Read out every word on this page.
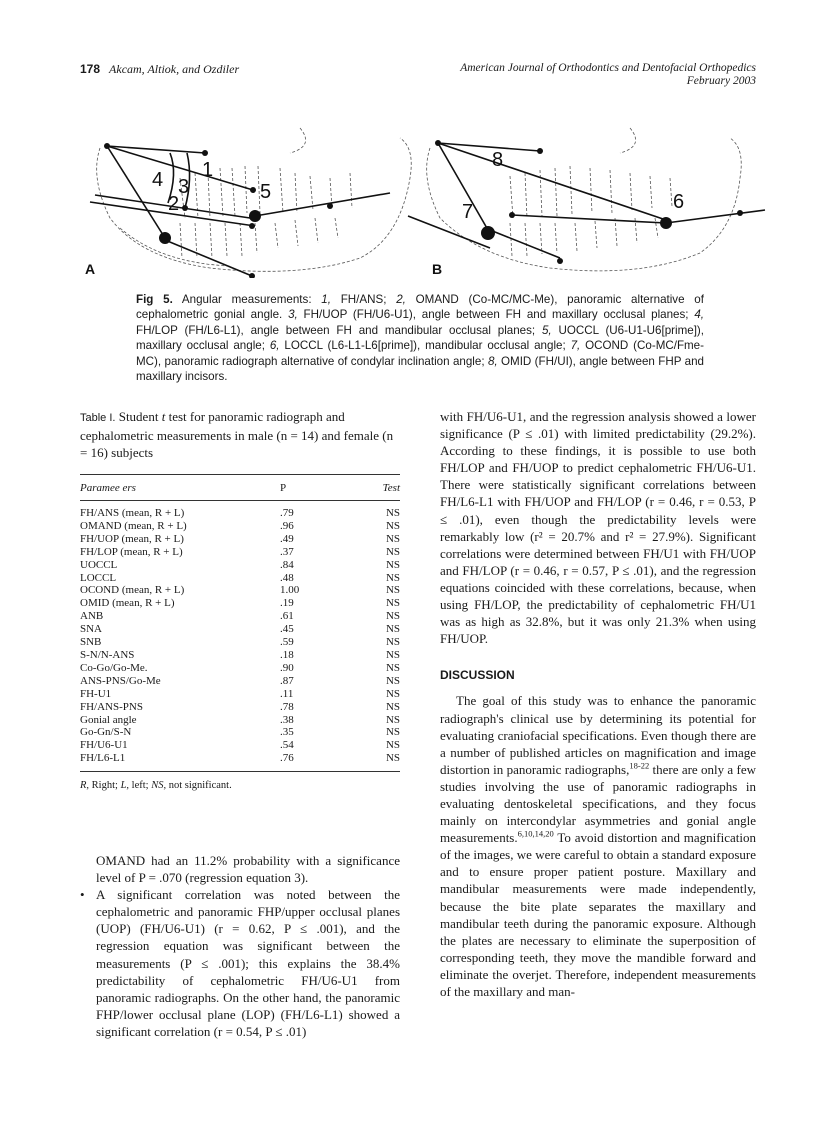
178 Akcam, Altiok, and Ozdiler	American Journal of Orthodontics and Dentofacial Orthopedics
February 2003
1
2
3
4
5	6
7
8
A	B
Fig 5. Angular measurements: 1, FH/ANS; 2, OMAND (Co-MC/MC-Me), panoramic alternative of cephalometric gonial angle. 3, FH/UOP (FH/U6-U1), angle between FH and maxillary occlusal planes; 4, FH/LOP (FH/L6-L1), angle between FH and mandibular occlusal planes; 5, UOCCL (U6-U1-U6[prime]), maxillary occlusal angle; 6, LOCCL (L6-L1-L6[prime]), mandibular occlusal angle; 7, OCOND (Co-MC/Fme-MC), panoramic radiograph alternative of condylar inclination angle; 8, OMID (FH/UI), angle between FHP and maxillary incisors.
Table I. Student t test for panoramic radiograph and cephalometric measurements in male (n = 14) and female (n = 16) subjects
Paramee ers	P	Test
FH/ANS (mean, R + L)	.79	NS
OMAND (mean, R + L)	.96	NS
FH/UOP (mean, R + L)	.49	NS
FH/LOP (mean, R + L)	.37	NS
UOCCL	.84	NS
LOCCL	.48	NS
OCOND (mean, R + L)	1.00	NS
OMID (mean, R + L)	.19	NS
ANB	.61	NS
SNA	.45	NS
SNB	.59	NS
S-N/N-ANS	.18	NS
Co-Go/Go-Me.	.90	NS
ANS-PNS/Go-Me	.87	NS
FH-U1	.11	NS
FH/ANS-PNS	.78	NS
Gonial angle	.38	NS
Go-Gn/S-N	.35	NS
FH/U6-U1	.54	NS
FH/L6-L1	.76	NS
R, Right; L, left; NS, not significant.

OMAND had an 11.2% probability with a significance level of P = .070 (regression equation 3).

• A significant correlation was noted between the cephalometric and panoramic FHP/upper occlusal planes (UOP) (FH/U6-U1) (r = 0.62, P ≤ .001), and the regression equation was significant between the measurements (P ≤ .001); this explains the 38.4% predictability of cephalometric FH/U6-U1 from panoramic radiographs. On the other hand, the panoramic FHP/lower occlusal plane (LOP) (FH/L6-L1) showed a significant correlation (r = 0.54, P ≤ .01)
with FH/U6-U1, and the regression analysis showed a lower significance (P ≤ .01) with limited predictability (29.2%). According to these findings, it is possible to use both FH/LOP and FH/UOP to predict cephalometric FH/U6-U1. There were statistically significant correlations between FH/L6-L1 with FH/UOP and FH/LOP (r = 0.46, r = 0.53, P ≤ .01), even though the predictability levels were remarkably low (r² = 20.7% and r² = 27.9%). Significant correlations were determined between FH/U1 with FH/UOP and FH/LOP (r = 0.46, r = 0.57, P ≤ .01), and the regression equations coincided with these correlations, because, when using FH/LOP, the predictability of cephalometric FH/U1 was as high as 32.8%, but it was only 21.3% when using FH/UOP.
DISCUSSION
The goal of this study was to enhance the panoramic radiograph's clinical use by determining its potential for evaluating craniofacial specifications. Even though there are a number of published articles on magnification and image distortion in panoramic radiographs,$^{18-22}$ there are only a few studies involving the use of panoramic radiographs in evaluating dentoskeletal specifications, and they focus mainly on intercondylar asymmetries and gonial angle measurements.$^{6,10,14,20}$ To avoid distortion and magnification of the images, we were careful to obtain a standard exposure and to ensure proper patient posture. Maxillary and mandibular measurements were made independently, because the bite plate separates the maxillary and mandibular teeth during the panoramic exposure. Although the plates are necessary to eliminate the superposition of corresponding teeth, they move the mandible forward and eliminate the overjet. Therefore, independent measurements of the maxillary and man-
